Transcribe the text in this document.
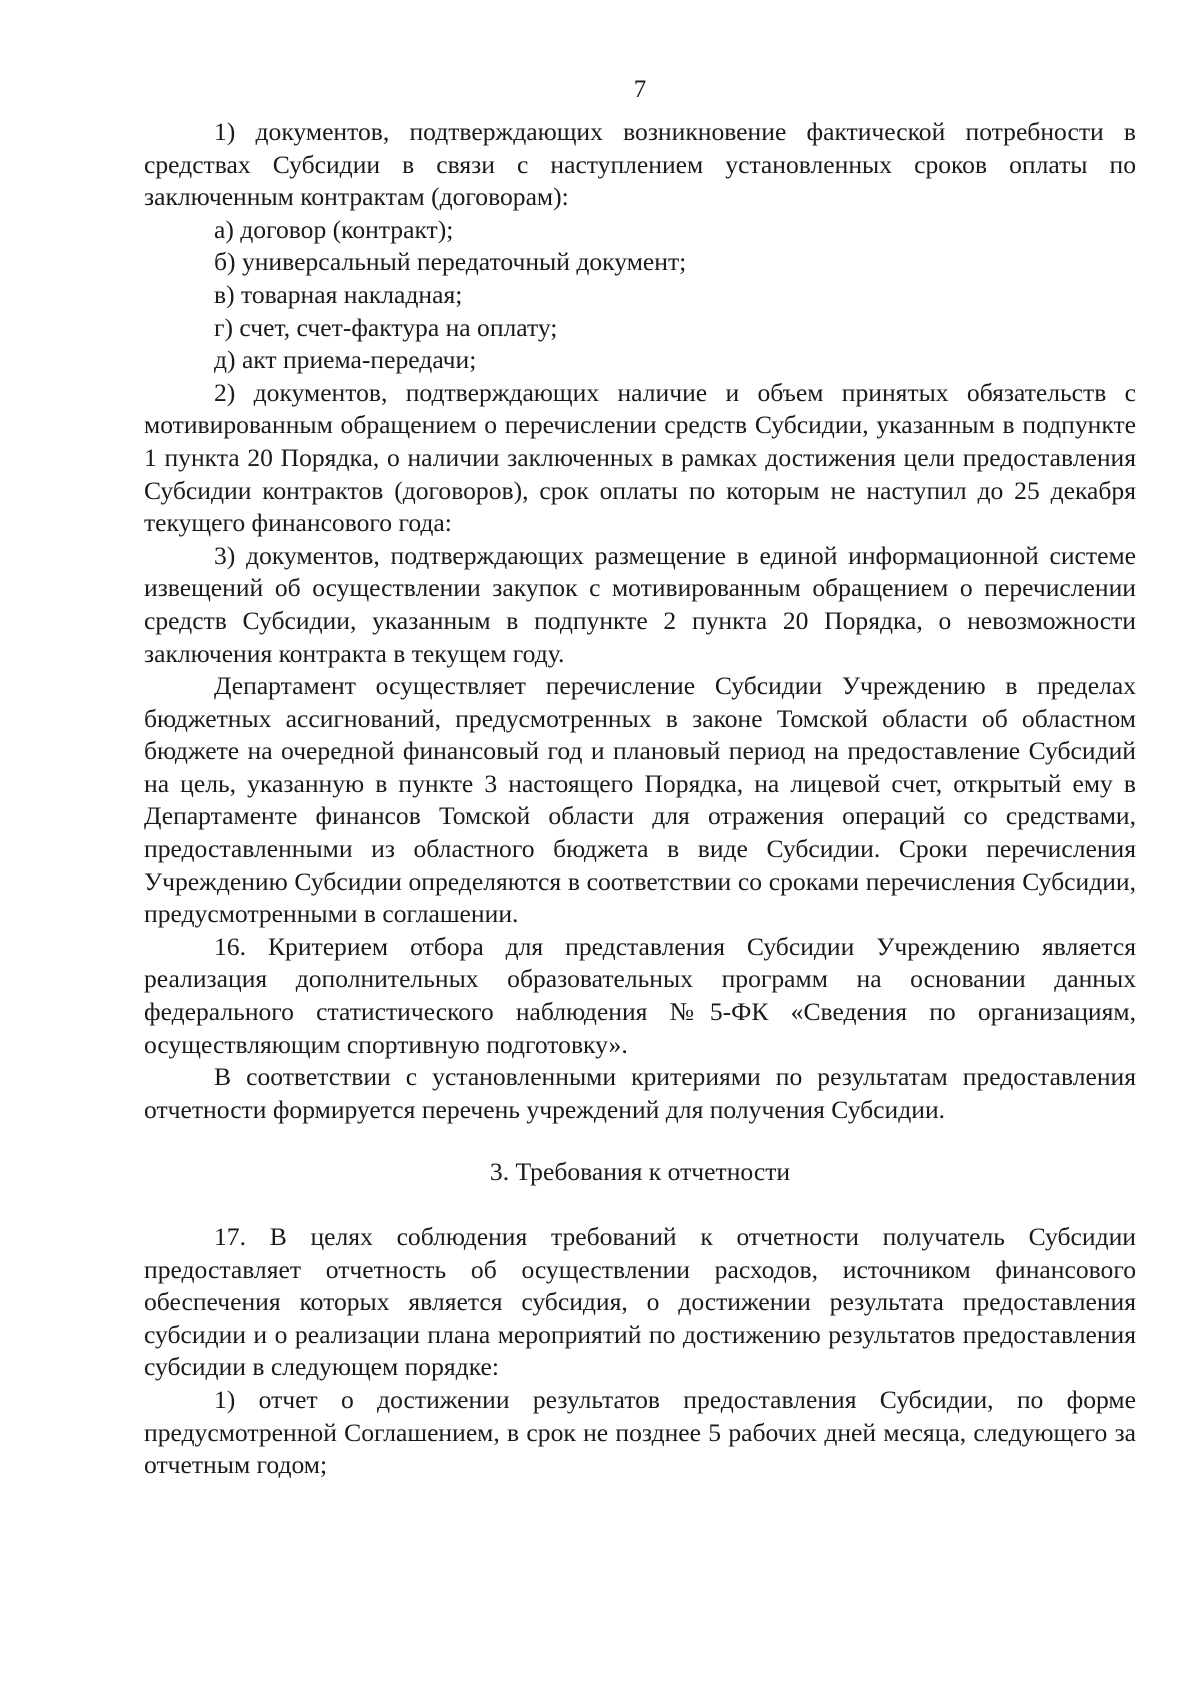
7

1) документов, подтверждающих возникновение фактической потребности в средствах Субсидии в связи с наступлением установленных сроков оплаты по заключенным контрактам (договорам):

а) договор (контракт);

б) универсальный передаточный документ;

в) товарная накладная;

г) счет, счет-фактура на оплату;

д) акт приема-передачи;

2) документов, подтверждающих наличие и объем принятых обязательств с мотивированным обращением о перечислении средств Субсидии, указанным в подпункте 1 пункта 20 Порядка, о наличии заключенных в рамках достижения цели предоставления Субсидии контрактов (договоров), срок оплаты по которым не наступил до 25 декабря текущего финансового года:

3) документов, подтверждающих размещение в единой информационной системе извещений об осуществлении закупок с мотивированным обращением о перечислении средств Субсидии, указанным в подпункте 2 пункта 20 Порядка, о невозможности заключения контракта в текущем году.

Департамент осуществляет перечисление Субсидии Учреждению в пределах бюджетных ассигнований, предусмотренных в законе Томской области об областном бюджете на очередной финансовый год и плановый период на предоставление Субсидий на цель, указанную в пункте 3 настоящего Порядка, на лицевой счет, открытый ему в Департаменте финансов Томской области для отражения операций со средствами, предоставленными из областного бюджета в виде Субсидии. Сроки перечисления Учреждению Субсидии определяются в соответствии со сроками перечисления Субсидии, предусмотренными в соглашении.

16. Критерием отбора для представления Субсидии Учреждению является реализация дополнительных образовательных программ на основании данных федерального статистического наблюдения №5-ФК «Сведения по организациям, осуществляющим спортивную подготовку».

В соответствии с установленными критериями по результатам предоставления отчетности формируется перечень учреждений для получения Субсидии.

3. Требования к отчетности

17. В целях соблюдения требований к отчетности получатель Субсидии предоставляет отчетность об осуществлении расходов, источником финансового обеспечения которых является субсидия, о достижении результата предоставления субсидии и о реализации плана мероприятий по достижению результатов предоставления субсидии в следующем порядке:

1) отчет о достижении результатов предоставления Субсидии, по форме предусмотренной Соглашением, в срок не позднее 5 рабочих дней месяца, следующего за отчетным годом;
